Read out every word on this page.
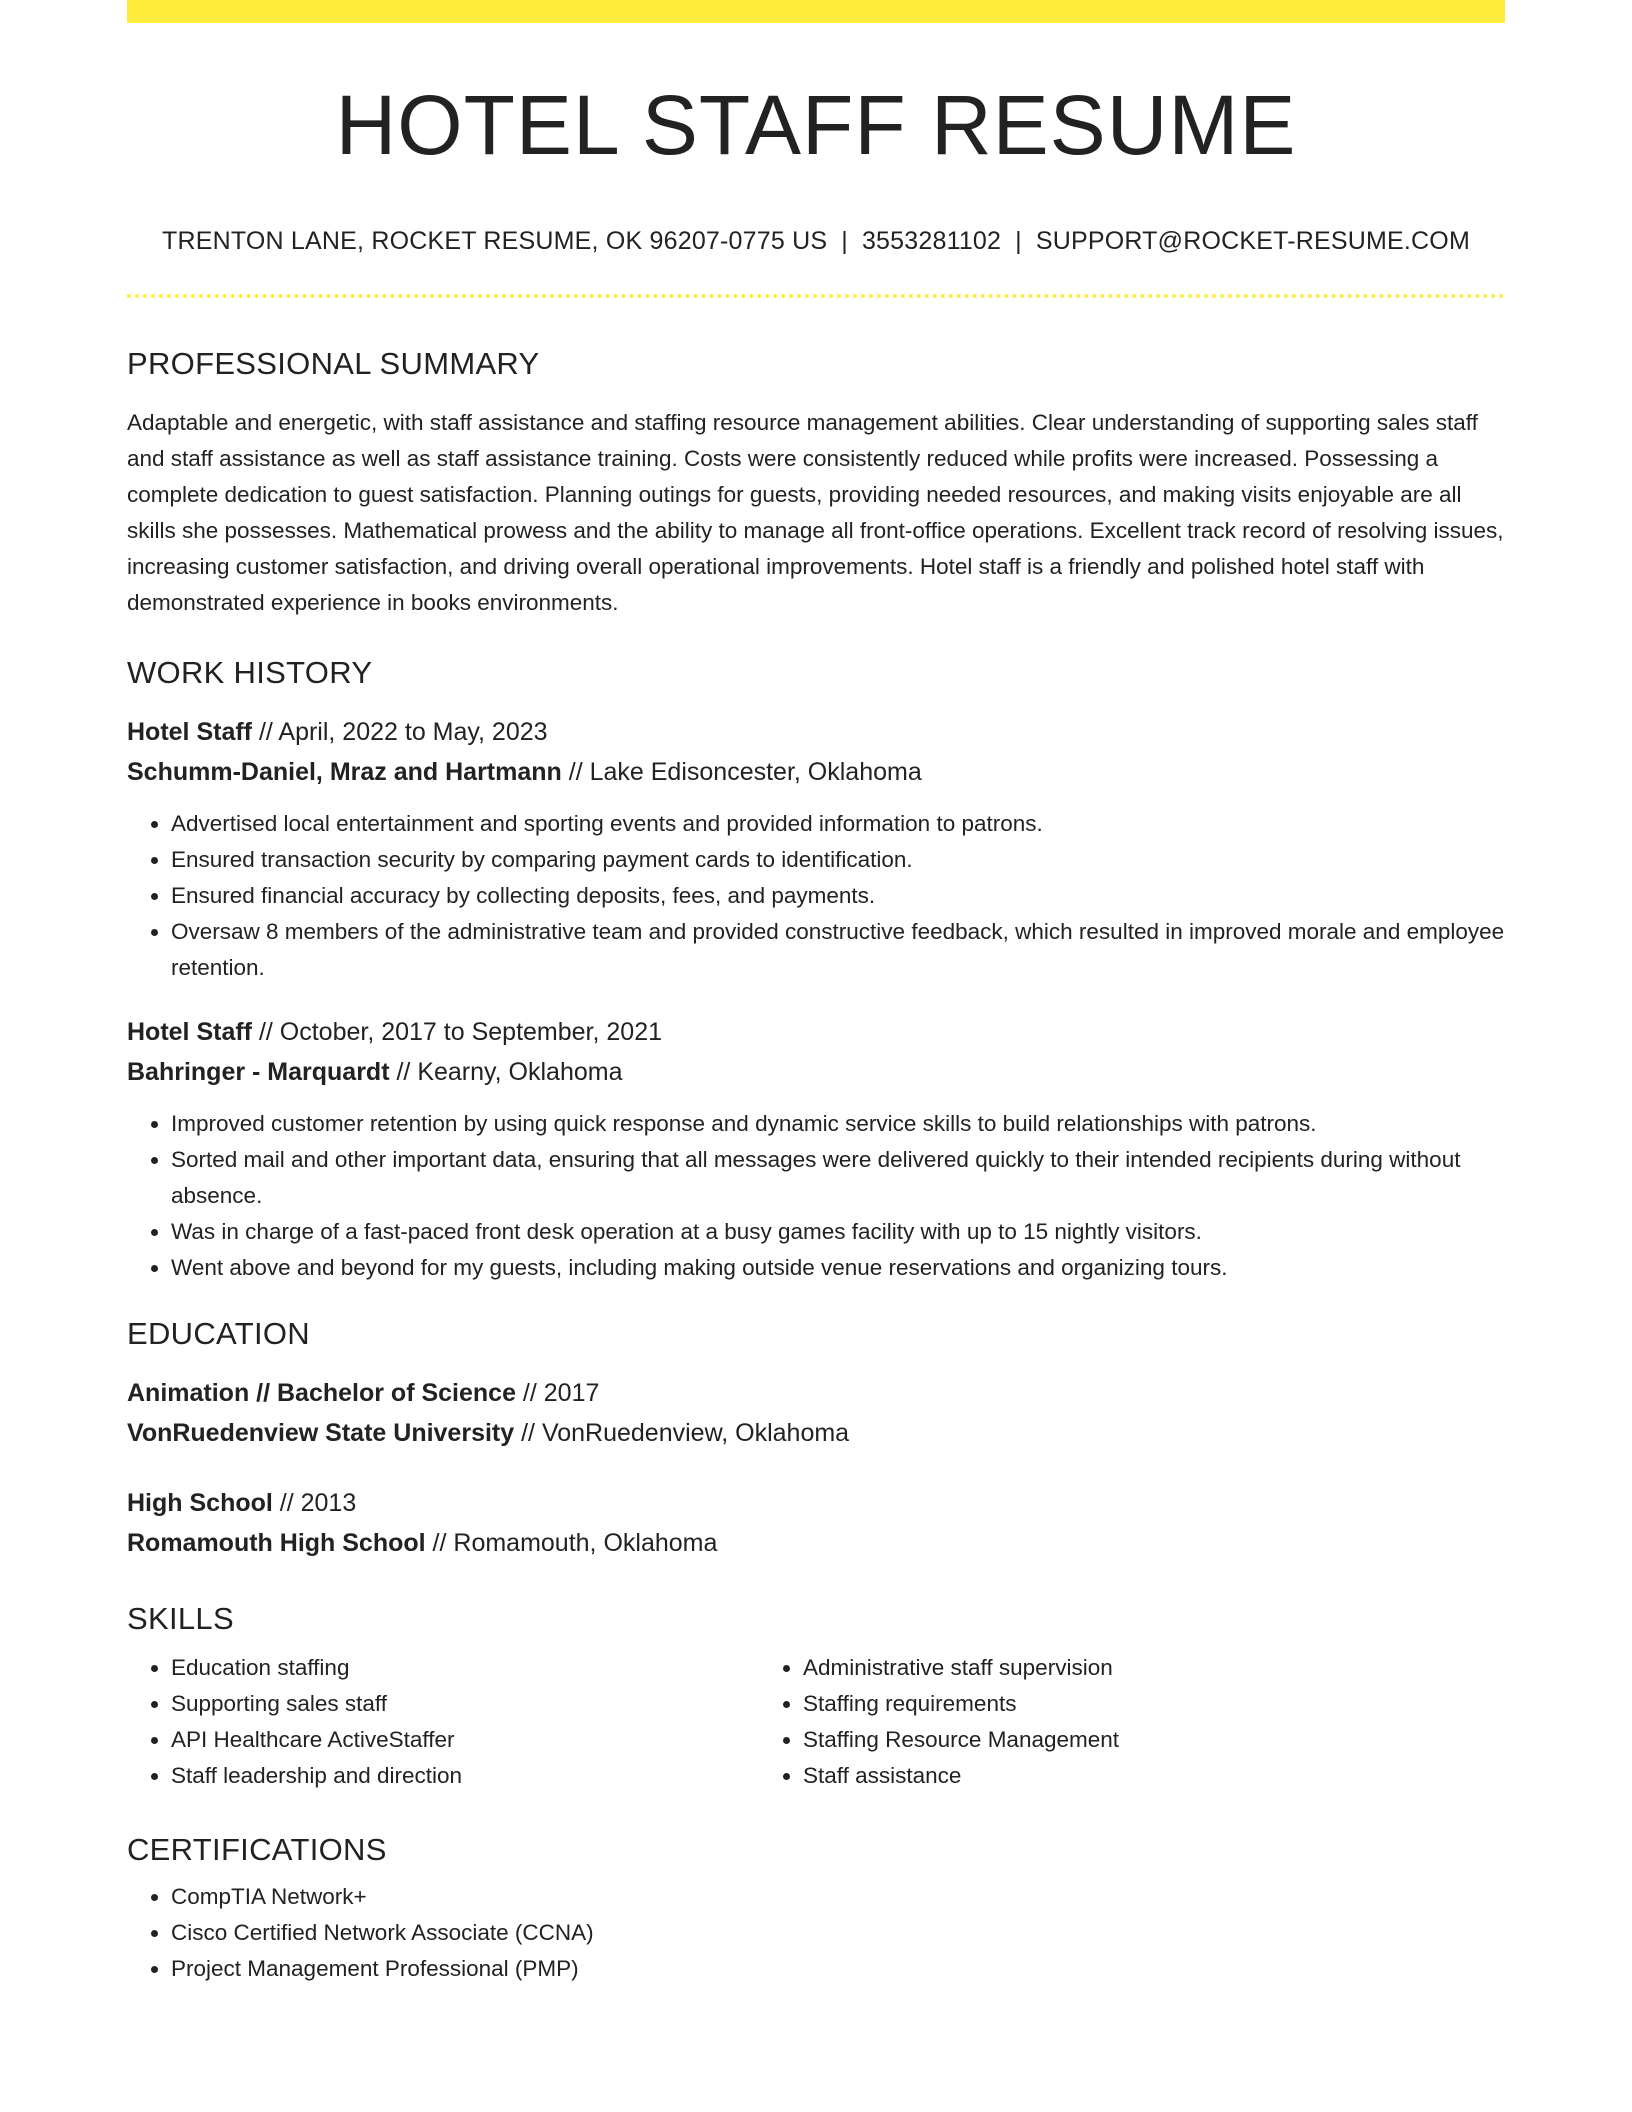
HOTEL STAFF RESUME
TRENTON LANE, ROCKET RESUME, OK 96207-0775 US | 3553281102 | SUPPORT@ROCKET-RESUME.COM
PROFESSIONAL SUMMARY

Adaptable and energetic, with staff assistance and staffing resource management abilities. Clear understanding of supporting sales staff and staff assistance as well as staff assistance training. Costs were consistently reduced while profits were increased. Possessing a complete dedication to guest satisfaction. Planning outings for guests, providing needed resources, and making visits enjoyable are all skills she possesses. Mathematical prowess and the ability to manage all front-office operations. Excellent track record of resolving issues, increasing customer satisfaction, and driving overall operational improvements. Hotel staff is a friendly and polished hotel staff with demonstrated experience in books environments.

WORK HISTORY
Hotel Staff // April, 2022 to May, 2023
Schumm-Daniel, Mraz and Hartmann // Lake Edisoncester, Oklahoma
• Advertised local entertainment and sporting events and provided information to patrons.
• Ensured transaction security by comparing payment cards to identification.
• Ensured financial accuracy by collecting deposits, fees, and payments.
• Oversaw 8 members of the administrative team and provided constructive feedback, which resulted in improved morale and employee retention.
Hotel Staff // October, 2017 to September, 2021
Bahringer - Marquardt // Kearny, Oklahoma
• Improved customer retention by using quick response and dynamic service skills to build relationships with patrons.
• Sorted mail and other important data, ensuring that all messages were delivered quickly to their intended recipients during without absence.
• Was in charge of a fast-paced front desk operation at a busy games facility with up to 15 nightly visitors.
• Went above and beyond for my guests, including making outside venue reservations and organizing tours.
EDUCATION
Animation // Bachelor of Science // 2017
VonRuedenview State University // VonRuedenview, Oklahoma
High School // 2013
Romamouth High School // Romamouth, Oklahoma
SKILLS
• Education staffing
• Supporting sales staff
• API Healthcare ActiveStaffer
• Staff leadership and direction
• Administrative staff supervision
• Staffing requirements
• Staffing Resource Management
• Staff assistance
CERTIFICATIONS
• CompTIA Network+
• Cisco Certified Network Associate (CCNA)
• Project Management Professional (PMP)
